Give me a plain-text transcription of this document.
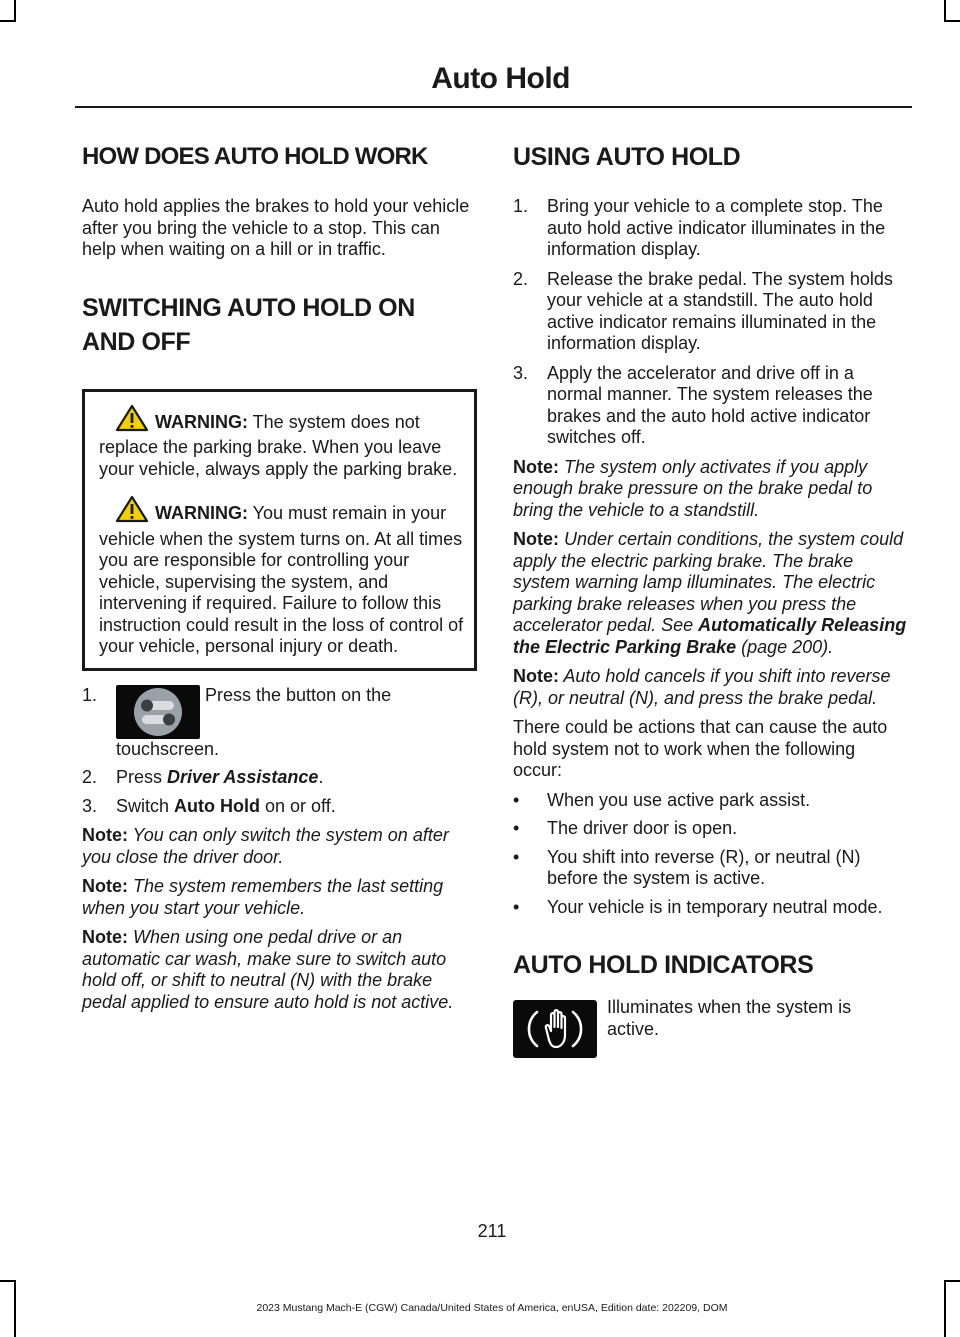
Auto Hold
HOW DOES AUTO HOLD WORK

Auto hold applies the brakes to hold your vehicle after you bring the vehicle to a stop. This can help when waiting on a hill or in traffic.

SWITCHING AUTO HOLD ON
AND OFF

WARNING: The system does not replace the parking brake. When you leave your vehicle, always apply the parking brake.

WARNING: You must remain in your vehicle when the system turns on. At all times you are responsible for controlling your vehicle, supervising the system, and intervening if required. Failure to follow this instruction could result in the loss of control of your vehicle, personal injury or death.

1.	Press the button on the touchscreen.
2. Press Driver Assistance.
3. Switch Auto Hold on or off.

Note: You can only switch the system on after you close the driver door.

Note: The system remembers the last setting when you start your vehicle.

Note: When using one pedal drive or an automatic car wash, make sure to switch auto hold off, or shift to neutral (N) with the brake pedal applied to ensure auto hold is not active.

USING AUTO HOLD
1. Bring your vehicle to a complete stop. The auto hold active indicator illuminates in the information display.
2. Release the brake pedal. The system holds your vehicle at a standstill. The auto hold active indicator remains illuminated in the information display.
3. Apply the accelerator and drive off in a normal manner. The system releases the brakes and the auto hold active indicator switches off.

Note: The system only activates if you apply enough brake pressure on the brake pedal to bring the vehicle to a standstill.

Note: Under certain conditions, the system could apply the electric parking brake. The brake system warning lamp illuminates. The electric parking brake releases when you press the accelerator pedal. See Automatically Releasing the Electric Parking Brake (page 200).

Note: Auto hold cancels if you shift into reverse (R), or neutral (N), and press the brake pedal.

There could be actions that can cause the auto hold system not to work when the following occur:

• When you use active park assist.
• The driver door is open.
• You shift into reverse (R), or neutral (N) before the system is active.
• Your vehicle is in temporary neutral mode.
AUTO HOLD INDICATORS

Illuminates when the system is active.

211
2023 Mustang Mach-E (CGW) Canada/United States of America, enUSA, Edition date: 202209, DOM
